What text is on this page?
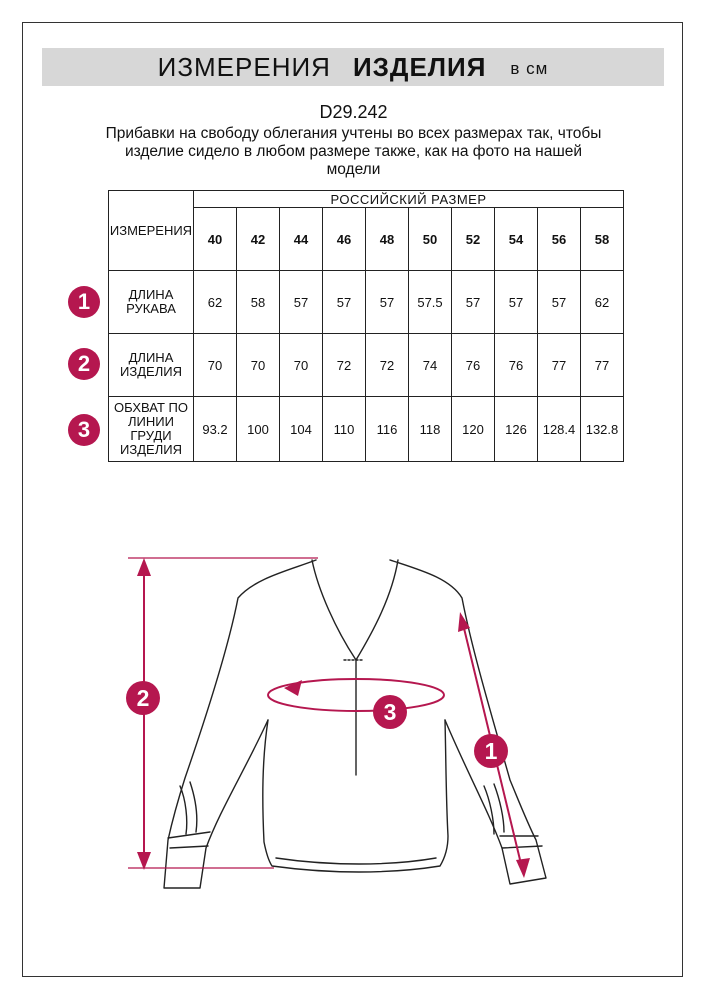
ИЗМЕРЕНИЯ ИЗДЕЛИЯ в см
D29.242
Прибавки на свободу облегания учтены во всех размерах так, чтобы изделие сидело в любом размере также, как на фото на нашей модели
ИЗМЕРЕНИЯ	РОССИЙСКИЙ РАЗМЕР									
	40	42	44	46	48	50	52	54	56	58

ДЛИНА
РУКАВА	62	58	57	57	57	57.5	57	57	57	62

ДЛИНА
ИЗДЕЛИЯ	70	70	70	72	72	74	76	76	77	77

ОБХВАТ ПО
ЛИНИИ
ГРУДИ
ИЗДЕЛИЯ	93.2	100	104	110	116	118	120	126	128.4	132.8
1
2
3
2
3
1
